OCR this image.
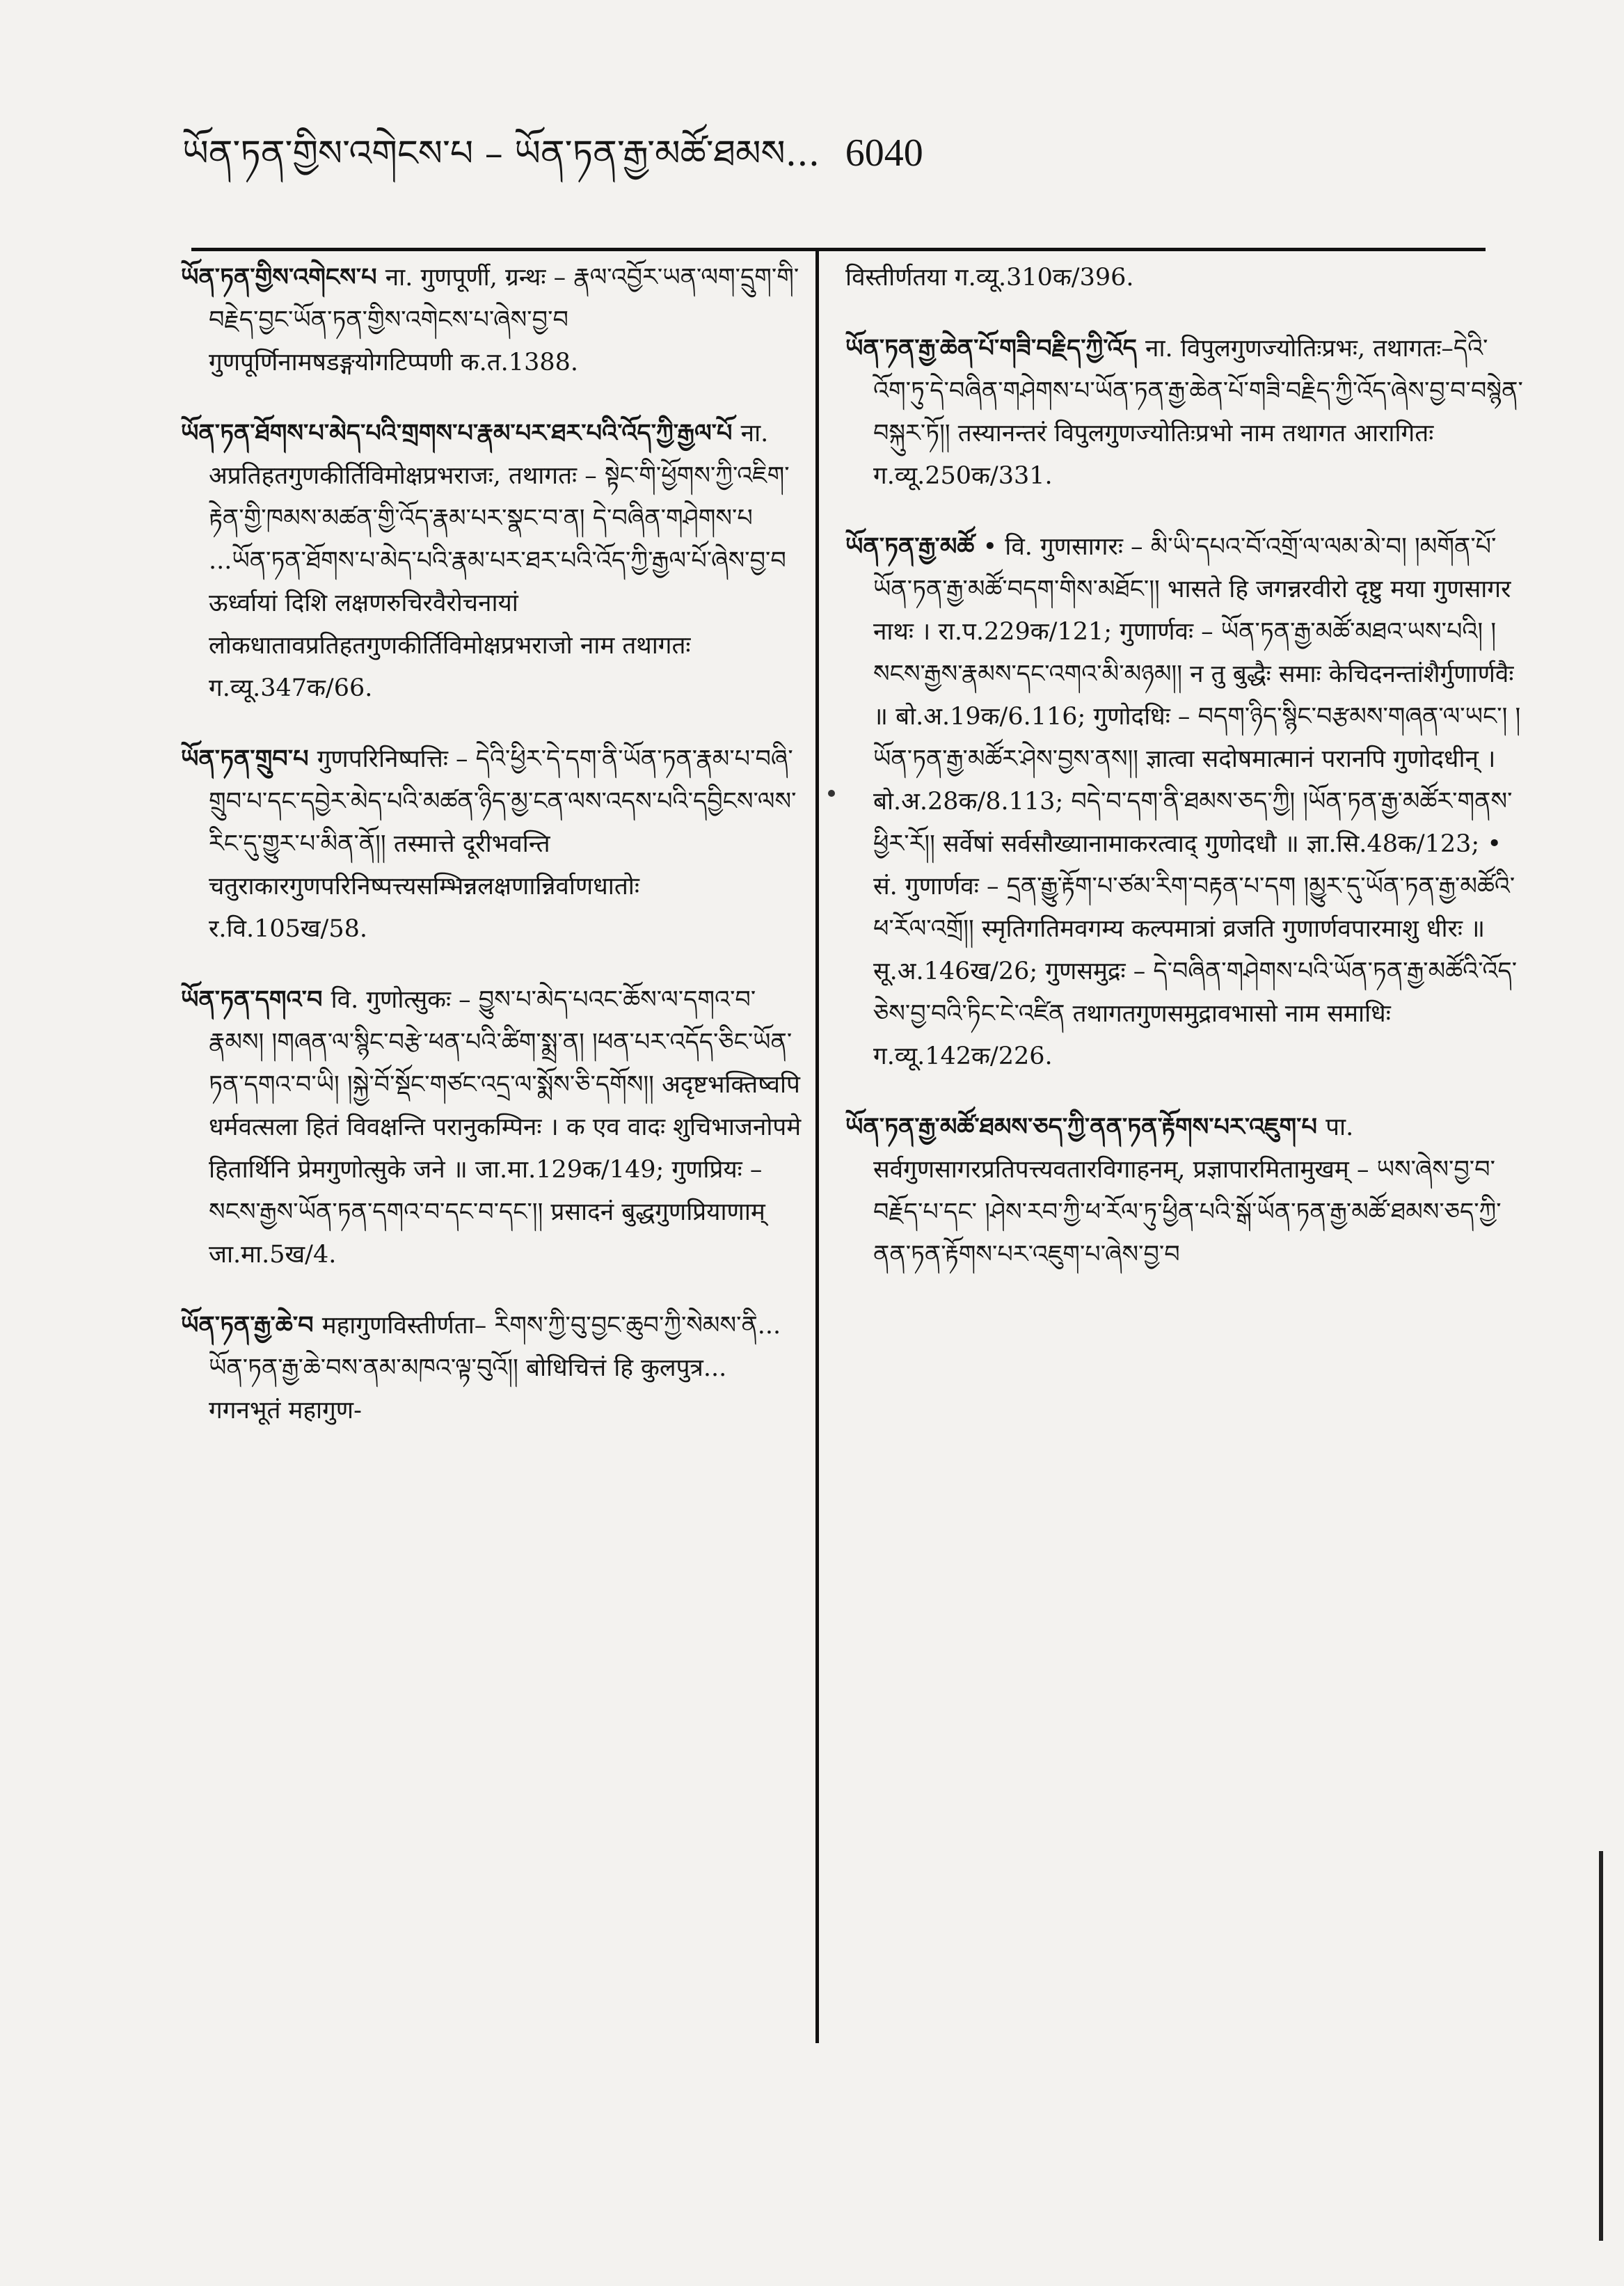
ཡོན་ཏན་གྱིས་འགེངས་པ – ཡོན་ཏན་རྒྱ་མཚོ་ཐམས... 6040
ཡོན་ཏན་གྱིས་འགེངས་པ ना. गुणपूर्णी, ग्रन्थः – རྣལ་འབྱོར་ཡན་ལག་དྲུག་གི་བརྗེད་བྱང་ཡོན་ཏན་གྱིས་འགེངས་པ་ཞེས་བྱ་བ गुणपूर्णिनामषडङ्गयोगटिप्पणी क.त.1388.
ཡོན་ཏན་ཐོགས་པ་མེད་པའི་གྲགས་པ་རྣམ་པར་ཐར་པའི་འོད་ཀྱི་རྒྱལ་པོ ना. अप्रतिहतगुणकीर्तिविमोक्षप्रभराजः, तथागतः – སྟེང་གི་ཕྱོགས་ཀྱི་འཇིག་རྟེན་གྱི་ཁམས་མཚན་གྱི་འོད་རྣམ་པར་སྣང་བ་ན། དེ་བཞིན་གཤེགས་པ ...ཡོན་ཏན་ཐོགས་པ་མེད་པའི་རྣམ་པར་ཐར་པའི་འོད་ཀྱི་རྒྱལ་པོ་ཞེས་བྱ་བ ऊर्ध्वायां दिशि लक्षणरुचिरवैरोचनायां लोकधातावप्रतिहतगुणकीर्तिविमोक्षप्रभराजो नाम तथागतः ग.व्यू.347क/66.
ཡོན་ཏན་གྲུབ་པ गुणपरिनिष्पत्तिः – དེའི་ཕྱིར་དེ་དག་ནི་ཡོན་ཏན་རྣམ་པ་བཞི་གྲུབ་པ་དང་དབྱེར་མེད་པའི་མཚན་ཉིད་མྱ་ངན་ལས་འདས་པའི་དབྱིངས་ལས་རིང་དུ་གྱུར་པ་མིན་ནོ།། तस्मात्ते दूरीभवन्ति चतुराकारगुणपरिनिष्पत्त्यसम्भिन्नलक्षणान्निर्वाणधातोः र.वि.105ख/58.
ཡོན་ཏན་དགའ་བ वि. गुणोत्सुकः – བྱུས་པ་མེད་པའང་ཆོས་ལ་དགའ་བ་རྣམས། །གཞན་ལ་སྙིང་བརྩེ་ཕན་པའི་ཚིག་སྨྲ་ན། །ཕན་པར་འདོད་ཅིང་ཡོན་ཏན་དགའ་བ་ཡི། །སྐྱེ་བོ་སྡོང་གཙང་འདྲ་ལ་སྨོས་ཅི་དགོས།། अदृष्टभक्तिष्वपि धर्मवत्सला हितं विवक्षन्ति परानुकम्पिनः । क एव वादः शुचिभाजनोपमे हितार्थिनि प्रेमगुणोत्सुके जने ॥ जा.मा.129क/149; गुणप्रियः – སངས་རྒྱས་ཡོན་ཏན་དགའ་བ་དང་བ་དང་།། प्रसादनं बुद्धगुणप्रियाणाम् जा.मा.5ख/4.
ཡོན་ཏན་རྒྱ་ཆེ་བ महागुणविस्तीर्णता– རིགས་ཀྱི་བུ་བྱང་ཆུབ་ཀྱི་སེམས་ནི... ཡོན་ཏན་རྒྱ་ཆེ་བས་ནམ་མཁའ་ལྟ་བུའོ།། बोधिचित्तं हि कुलपुत्र... गगनभूतं महागुण-
विस्तीर्णतया ग.व्यू.310क/396.
ཡོན་ཏན་རྒྱ་ཆེན་པོ་གཟི་བརྗིད་ཀྱི་འོད ना. विपुलगुणज्योतिःप्रभः, तथागतः–དེའི་འོག་ཏུ་དེ་བཞིན་གཤེགས་པ་ཡོན་ཏན་རྒྱ་ཆེན་པོ་གཟི་བརྗིད་ཀྱི་འོད་ཞེས་བྱ་བ་བསྙེན་བསྐུར་ཏོ།། तस्यानन्तरं विपुलगुणज्योतिःप्रभो नाम तथागत आरागितः ग.व्यू.250क/331.
ཡོན་ཏན་རྒྱ་མཚོ • वि. गुणसागरः – མི་ཡི་དཔའ་བོ་འགྲོ་ལ་ལམ་མེ་བ། །མགོན་པོ་ཡོན་ཏན་རྒྱ་མཚོ་བདག་གིས་མཐོང་།། भासते हि जगन्नरवीरो दृष्टु मया गुणसागर नाथः । रा.प.229क/121; गुणार्णवः – ཡོན་ཏན་རྒྱ་མཚོ་མཐའ་ཡས་པའི། །སངས་རྒྱས་རྣམས་དང་འགའ་མི་མཉམ།། न तु बुद्धैः समाः केचिदनन्तांशैर्गुणार्णवैः ॥ बो.अ.19क/6.116; गुणोदधिः – བདག་ཉིད་སྙིང་བརྩམས་གཞན་ལ་ཡང་། །ཡོན་ཏན་རྒྱ་མཚོར་ཤེས་བྱས་ནས།། ज्ञात्वा सदोषमात्मानं परानपि गुणोदधीन् । बो.अ.28क/8.113; བདེ་བ་དག་ནི་ཐམས་ཅད་ཀྱི། །ཡོན་ཏན་རྒྱ་མཚོར་གནས་ཕྱིར་རོ།། सर्वेषां सर्वसौख्यानामाकरत्वाद् गुणोदधौ ॥ ज्ञा.सि.48क/123; • सं. गुणार्णवः – དྲན་རྒྱུ་རྟོག་པ་ཙམ་རིག་བརྟན་པ་དག །མྱུར་དུ་ཡོན་ཏན་རྒྱ་མཚོའི་ཕ་རོལ་འགྲོ།། स्मृतिगतिमवगम्य कल्पमात्रां व्रजति गुणार्णवपारमाशु धीरः ॥ सू.अ.146ख/26; गुणसमुद्रः – དེ་བཞིན་གཤེགས་པའི་ཡོན་ཏན་རྒྱ་མཚོའི་འོད་ཅེས་བྱ་བའི་ཏིང་ངེ་འཛིན तथागतगुणसमुद्रावभासो नाम समाधिः ग.व्यू.142क/226.
ཡོན་ཏན་རྒྱ་མཚོ་ཐམས་ཅད་ཀྱི་ནན་ཏན་རྟོགས་པར་འཇུག་པ पा. सर्वगुणसागरप्रतिपत्त्यवतारविगाहनम्, प्रज्ञापारमितामुखम् – ཡས་ཞེས་བྱ་བ་བརྗོད་པ་དང་ །ཤེས་རབ་ཀྱི་ཕ་རོལ་ཏུ་ཕྱིན་པའི་སྒོ་ཡོན་ཏན་རྒྱ་མཚོ་ཐམས་ཅད་ཀྱི་ནན་ཏན་རྟོགས་པར་འཇུག་པ་ཞེས་བྱ་བ
